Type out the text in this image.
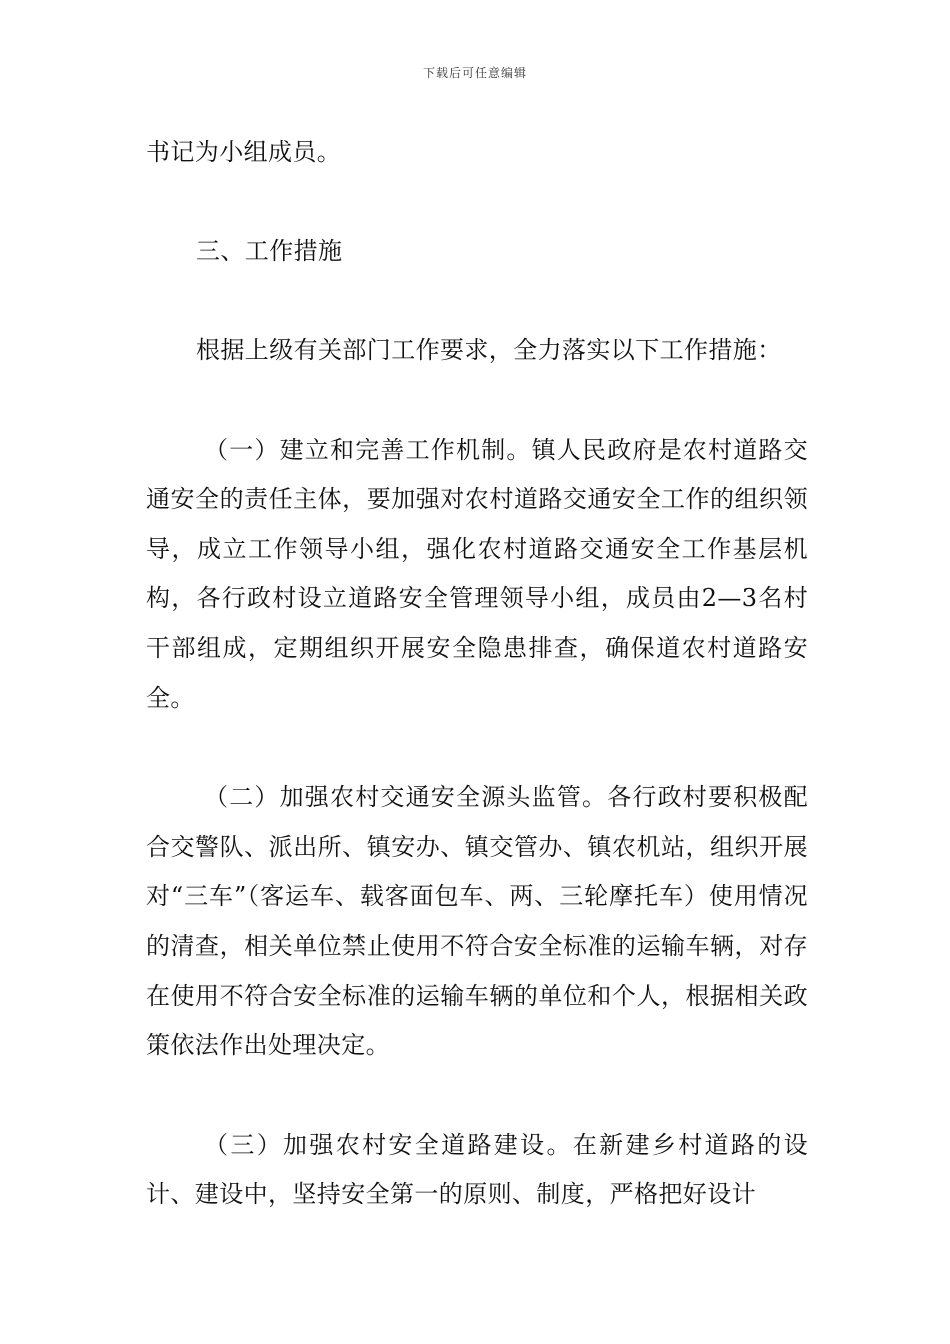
下载后可任意编辑

书记为小组成员。

三、工作措施

根据上级有关部门工作要求，全力落实以下工作措施：

（一）建立和完善工作机制。镇人民政府是农村道路交通安全的责任主体，要加强对农村道路交通安全工作的组织领导，成立工作领导小组，强化农村道路交通安全工作基层机构，各行政村设立道路安全管理领导小组，成员由2—3名村干部组成，定期组织开展安全隐患排查，确保道农村道路安全。

（二）加强农村交通安全源头监管。各行政村要积极配合交警队、派出所、镇安办、镇交管办、镇农机站，组织开展对“三车”（客运车、载客面包车、两、三轮摩托车）使用情况的清查，相关单位禁止使用不符合安全标准的运输车辆，对存在使用不符合安全标准的运输车辆的单位和个人，根据相关政策依法作出处理决定。

（三）加强农村安全道路建设。在新建乡村道路的设计、建设中，坚持安全第一的原则、制度，严格把好设计
